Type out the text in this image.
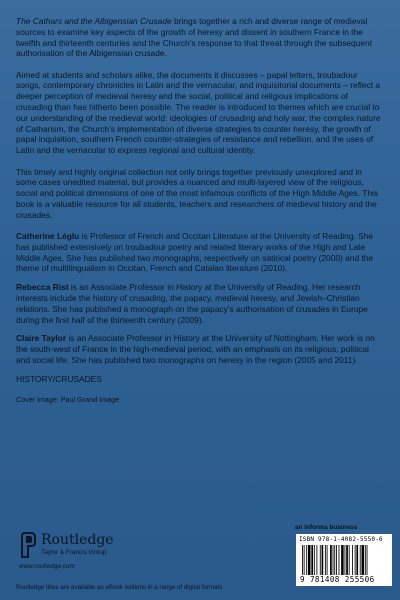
The Cathars and the Albigensian Crusade brings together a rich and diverse range of medieval sources to examine key aspects of the growth of heresy and dissent in southern France in the twelfth and thirteenth centuries and the Church’s response to that threat through the subsequent authorisation of the Albigensian crusade.

Aimed at students and scholars alike, the documents it discusses – papal letters, troubadour songs, contemporary chronicles in Latin and the vernacular, and inquisitorial documents – reflect a deeper perception of medieval heresy and the social, political and religious implications of crusading than has hitherto been possible. The reader is introduced to themes which are crucial to our understanding of the medieval world: ideologies of crusading and holy war, the complex nature of Catharism, the Church’s implementation of diverse strategies to counter heresy, the growth of papal inquisition, southern French counter-strategies of resistance and rebellion, and the uses of Latin and the vernacular to express regional and cultural identity.

This timely and highly original collection not only brings together previously unexplored and in some cases unedited material, but provides a nuanced and multi-layered view of the religious, social and political dimensions of one of the most infamous conflicts of the High Middle Ages. This book is a valuable resource for all students, teachers and researchers of medieval history and the crusades.

Catherine Léglu is Professor of French and Occitan Literature at the University of Reading. She has published extensively on troubadour poetry and related literary works of the High and Late Middle Ages. She has published two monographs, respectively on satirical poetry (2000) and the theme of multilingualism in Occitan, French and Catalan literature (2010).

Rebecca Rist is an Associate Professor in History at the University of Reading. Her research interests include the history of crusading, the papacy, medieval heresy, and Jewish–Christian relations. She has published a monograph on the papacy’s authorisation of crusades in Europe during the first half of the thirteenth century (2009).

Claire Taylor is an Associate Professor in History at the University of Nottingham. Her work is on the south-west of France in the high-medieval period, with an emphasis on its religious, political and social life. She has published two monographs on heresy in the region (2005 and 2011).

HISTORY/CRUSADES

Cover image: Paul Grand Image

Routledge
Taylor & Francis Group
www.routledge.com
Routledge titles are available as eBook editions in a range of digital formats
an informa business
ISBN 978-1-4082-5550-6
9 781408 255506
